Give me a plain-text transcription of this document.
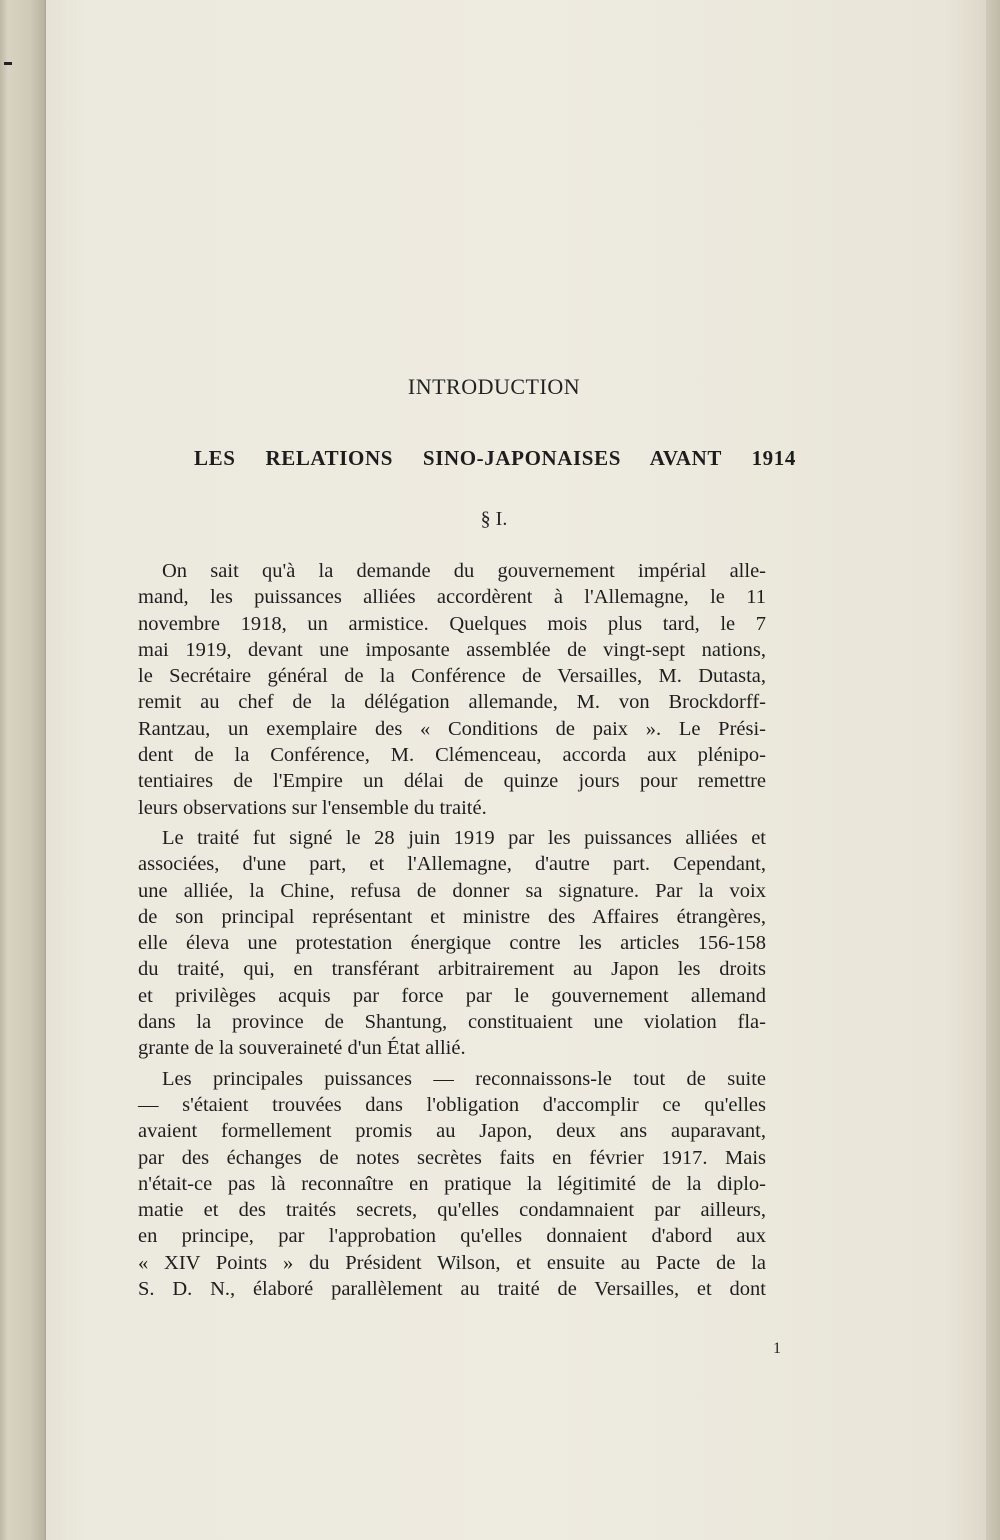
INTRODUCTION
LES RELATIONS SINO-JAPONAISES AVANT 1914
§ I.
On sait qu'à la demande du gouvernement impérial alle-
mand, les puissances alliées accordèrent à l'Allemagne, le 11
novembre 1918, un armistice. Quelques mois plus tard, le 7
mai 1919, devant une imposante assemblée de vingt-sept nations,
le Secrétaire général de la Conférence de Versailles, M. Dutasta,
remit au chef de la délégation allemande, M. von Brockdorff-
Rantzau, un exemplaire des « Conditions de paix ». Le Prési-
dent de la Conférence, M. Clémenceau, accorda aux plénipo-
tentiaires de l'Empire un délai de quinze jours pour remettre
leurs observations sur l'ensemble du traité.
Le traité fut signé le 28 juin 1919 par les puissances alliées et
associées, d'une part, et l'Allemagne, d'autre part. Cependant,
une alliée, la Chine, refusa de donner sa signature. Par la voix
de son principal représentant et ministre des Affaires étrangères,
elle éleva une protestation énergique contre les articles 156-158
du traité, qui, en transférant arbitrairement au Japon les droits
et privilèges acquis par force par le gouvernement allemand
dans la province de Shantung, constituaient une violation fla-
grante de la souveraineté d'un État allié.
Les principales puissances — reconnaissons-le tout de suite
— s'étaient trouvées dans l'obligation d'accomplir ce qu'elles
avaient formellement promis au Japon, deux ans auparavant,
par des échanges de notes secrètes faits en février 1917. Mais
n'était-ce pas là reconnaître en pratique la légitimité de la diplo-
matie et des traités secrets, qu'elles condamnaient par ailleurs,
en principe, par l'approbation qu'elles donnaient d'abord aux
« XIV Points » du Président Wilson, et ensuite au Pacte de la
S. D. N., élaboré parallèlement au traité de Versailles, et dont
1
